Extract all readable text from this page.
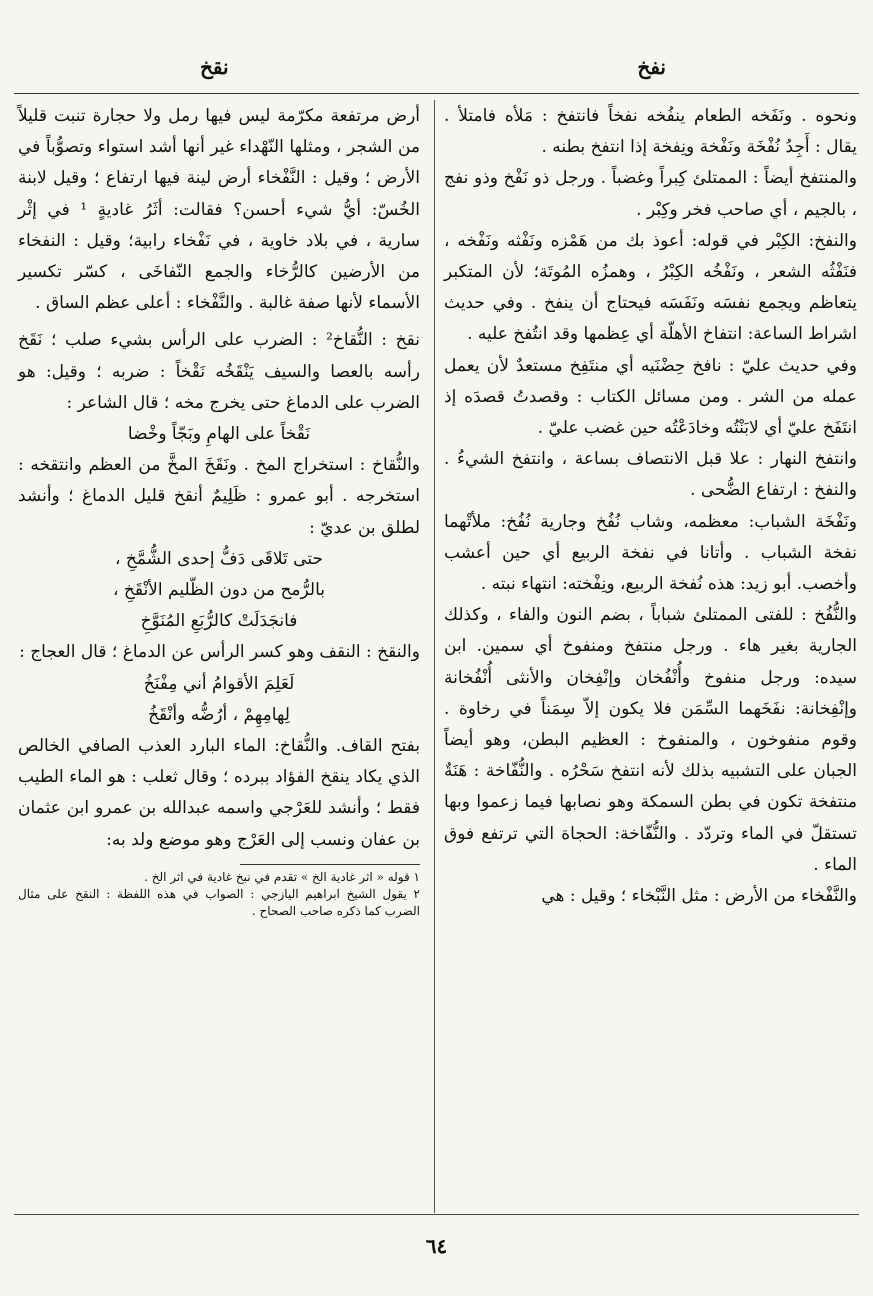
نفخ
نقخ

ونحوه . ونَفَخه الطعام ينفُخه نفخاً فانتفخ : مَلأه فامتلأ . يقال : أَجِدُ نُفْخَة ونَفْخة ونِفخة إذا انتفخ بطنه .

والمنتفخ أيضاً : الممتلئ كِبراً وغضباً . ورجل ذو نَفْخ وذو نفج ، بالجيم ، أي صاحب فخر وكِبْر .

والنفخ: الكِبْر في قوله: أعوذ بك من هَمْزه ونَفْثه ونَفْخه ، فنَفْثُه الشعر ، ونَفْخُه الكِبْرُ ، وهمزُه المُوتَة؛ لأن المتكبر يتعاظم ويجمع نفسَه ونَفَسَه فيحتاج أن ينفخ . وفي حديث اشراط الساعة: انتفاخ الأهلّة أي عِظمها وقد انتُفخ عليه .

وفي حديث عليّ : نافخ حِضْنَيه أي منتَفِخ مستعدٌ لأن يعمل عمله من الشر . ومن مسائل الكتاب : وقصدتُ قصدَه إذ انتَفَخ عليّ أي لابَنْتُه وخادَعْتُه حين غضب عليّ .

وانتفخ النهار : علا قبل الانتصاف بساعة ، وانتفخ الشيءُ . والنفخ : ارتفاع الضُّحى .

ونَفْخَة الشباب: معظمه، وشاب نُفُخ وجارية نُفُخ: ملأتْهما نفخة الشباب . وأتانا في نفخة الربيع أي حين أعشب وأخصب. أبو زيد: هذه نُفخة الربيع، ونِفْخته: انتهاء نبته .

والنُّفُخ : للفتى الممتلئ شباباً ، بضم النون والفاء ، وكذلك الجارية بغير هاء . ورجل منتفخ ومنفوخ أي سمين. ابن سيده: ورجل منفوخ وأُنْفُخان وإنْفِخان والأنثى أُنْفُخانة وإنْفِخانة: نفَخَهما السِّمَن فلا يكون إلاّ سِمَناً في رخاوة . وقوم منفوخون ، والمنفوخ : العظيم البطن، وهو أيضاً الجبان على التشبيه بذلك لأنه انتفخ سَحْرُه . والنُّفّاخة : هَنَةٌ منتفخة تكون في بطن السمكة وهو نصابها فيما زعموا وبها تستقلّ في الماء وتردّد . والنُّفّاخة: الحجاة التي ترتفع فوق الماء .

والنَّفْخاء من الأرض : مثل النَّبْخاء ؛ وقيل : هي

أرض مرتفعة مكرّمة ليس فيها رمل ولا حجارة تنبت قليلاً من الشجر ، ومثلها النّهْداء غير أنها أشد استواء وتصوُّباً في الأرض ؛ وقيل : النَّفْخاء أرض لينة فيها ارتفاع ؛ وقيل لابنة الخُسّ: أيُّ شيء أحسن؟ فقالت: أثَرُ غاديةٍ ¹ في إثْر سارية ، في بلاد خاوية ، في نَفْخاء رابية؛ وقيل : النفخاء من الأرضين كالرُّخاء والجمع النّفاخَى ، كسّر تكسير الأسماء لأنها صفة غالبة . والنَّفْخاء : أعلى عظم الساق .

نقخ : النُّقاخ² : الضرب على الرأس بشيء صلب ؛ نَقَخ رأسه بالعصا والسيف يَنْقَخُه نَقْخاً : ضربه ؛ وقيل: هو الضرب على الدماغ حتى يخرج مخه ؛ قال الشاعر :

نَقْخاً على الهامِ وبَجّاً وخْضا

والنُّقاخ : استخراج المخ . ونَقَخَ المخَّ من العظم وانتقخه : استخرجه . أبو عمرو : ظَلِيمٌ أنقخ قليل الدماغ ؛ وأنشد لطلق بن عديّ :

حتى تَلاقَى دَفُّ إحدى الشُّمَّخِ ،

بالرُّمح من دون الظّليم الأنْقَخِ ،

فانجَدَلَتْ كالرُّبَعِ المُنَوَّخِ

والنقخ : النقف وهو كسر الرأس عن الدماغ ؛ قال العجاج :

لَعَلِمَ الأقوامُ أني مِفْنَخُ

لِهامِهِمْ ، أرُضُّه وأنْقَخُ

بفتح القاف. والنُّقاخ: الماء البارد العذب الصافي الخالص الذي يكاد ينقخ الفؤاد ببرده ؛ وقال ثعلب : هو الماء الطيب فقط ؛ وأنشد للعَرْجي واسمه عبدالله بن عمرو ابن عثمان بن عفان ونسب إلى العَرْج وهو موضع ولد به:

١ قوله « اثر غادية الخ » تقدم في نبخ غادية في اثر الخ .

٢ يقول الشيخ ابراهيم اليازجي : الصواب في هذه اللفظة : النقخ على مثال الضرب كما ذكره صاحب الصحاح .

٦٤
